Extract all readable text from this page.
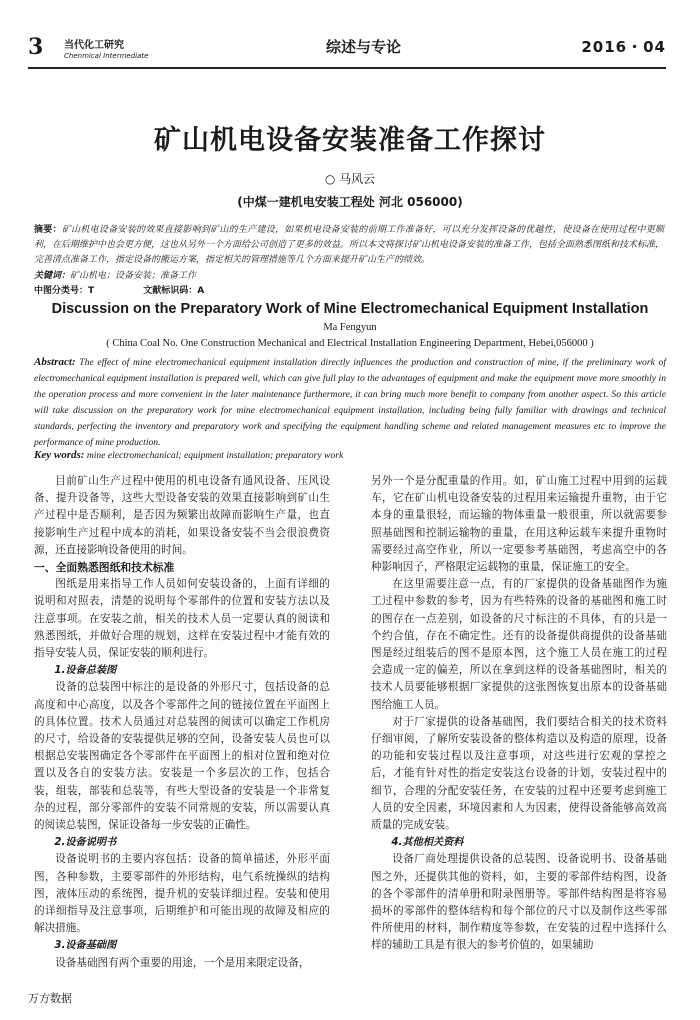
3 当代化工研究
Chenmical Intermediate	综述与专论	2016・04
矿山机电设备安装准备工作探讨
○ 马风云
(中煤一建机电安装工程处 河北 056000)
摘要：矿山机电设备安装的效果直接影响到矿山的生产建设，如果机电设备安装的前期工作准备好，可以充分发挥设备的优越性，使设备在使用过程中更顺利，在后期维护中也会更方便，这也从另外一个方面给公司创造了更多的效益。所以本文将探讨矿山机电设备安装的准备工作，包括全面熟悉图纸和技术标准，完善清点准备工作，指定设备的搬运方案，指定相关的管理措施等几个方面来提升矿山生产的绩效。
关键词：矿山机电；设备安装；准备工作
中图分类号：T	文献标识码：A
Discussion on the Preparatory Work of Mine Electromechanical Equipment Installation
Ma Fengyun
( China Coal No. One Construction Mechanical and Electrical Installation Engineering Department, Hebei,056000 )
Abstract: The effect of mine electromechanical equipment installation directly influences the production and construction of mine, if the preliminary work of electromechanical equipment installation is prepared well, which can give full play to the advantages of equipment and make the equipment move more smoothly in the operation process and more convenient in the later maintenance furthermore, it can bring much more benefit to company from another aspect. So this article will take discussion on the preparatory work for mine electromechanical equipment installation, including being fully familiar with drawings and technical standards, perfecting the inventory and preparatory work and specifying the equipment handling scheme and related management measures etc to improve the performance of mine production.
Key words: mine electromechanical; equipment installation; preparatory work

目前矿山生产过程中使用的机电设备有通风设备、压风设备、提升设备等，这些大型设备安装的效果直接影响到矿山生产过程中是否顺利，是否因为频繁出故障而影响生产量，也直接影响生产过程中成本的消耗，如果设备安装不当会很浪费资源，还直接影响设备使用的时间。

一、全面熟悉图纸和技术标准

图纸是用来指导工作人员如何安装设备的，上面有详细的说明和对照表，清楚的说明每个零部件的位置和安装方法以及注意事项。在安装之前，相关的技术人员一定要认真的阅读和熟悉图纸，并做好合理的规划，这样在安装过程中才能有效的指导安装人员，保证安装的顺利进行。

1.设备总装图

设备的总装图中标注的是设备的外形尺寸，包括设备的总高度和中心高度，以及各个零部件之间的链接位置在平面图上的具体位置。技术人员通过对总装图的阅读可以确定工作机房的尺寸，给设备的安装提供足够的空间，设备安装人员也可以根据总安装图确定各个零部件在平面图上的相对位置和绝对位置以及各自的安装方法。安装是一个多层次的工作，包括合装，组装，部装和总装等，有些大型设备的安装是一个非常复杂的过程，部分零部件的安装不同常规的安装，所以需要认真的阅读总装图，保证设备每一步安装的正确性。

2.设备说明书

设备说明书的主要内容包括：设备的简单描述，外形平面图，各种参数，主要零部件的外形结构，电气系统操纵的结构图，液体压动的系统图，提升机的安装详细过程。安装和使用的详细指导及注意事项，后期维护和可能出现的故障及相应的解决措施。

3.设备基础图

设备基础图有两个重要的用途，一个是用来限定设备，

另外一个是分配重量的作用。如，矿山施工过程中用到的运载车，它在矿山机电设备安装的过程用来运输提升重物，由于它本身的重量很轻，而运输的物体重量一般很重，所以就需要参照基础图和控制运输物的重量，在用这种运载车来提升重物时需要经过高空作业，所以一定要参考基础图，考虑高空中的各种影响因子，严格限定运载物的重量，保证施工的安全。

在这里需要注意一点，有的厂家提供的设备基础图作为施工过程中参数的参考，因为有些特殊的设备的基础图和施工时的图存在一点差别，如设备的尺寸标注的不具体，有的只是一个约合值，存在不确定性。还有的设备提供商提供的设备基础图是经过组装后的图不是原本图，这个施工人员在施工的过程会造成一定的偏差，所以在拿到这样的设备基础图时，相关的技术人员要能够根据厂家提供的这张图恢复出原本的设备基础图给施工人员。

对于厂家提供的设备基础图，我们要结合相关的技术资料仔细审阅，了解所安装设备的整体构造以及构造的原理，设备的功能和安装过程以及注意事项，对这些进行宏观的掌控之后，才能有针对性的指定安装这台设备的计划，安装过程中的细节，合理的分配安装任务，在安装的过程中还要考虑到施工人员的安全因素，环境因素和人为因素，使得设备能够高效高质量的完成安装。

4.其他相关资料

设备厂商处理提供设备的总装图、设备说明书、设备基础图之外，还提供其他的资料，如，主要的零部件结构图，设备的各个零部件的清单册和附录图册等。零部件结构图是将容易损坏的零部件的整体结构和每个部位的尺寸以及制作这些零部件所使用的材料，制作精度等参数，在安装的过程中选择什么样的辅助工具是有很大的参考价值的，如果辅助

万方数据
